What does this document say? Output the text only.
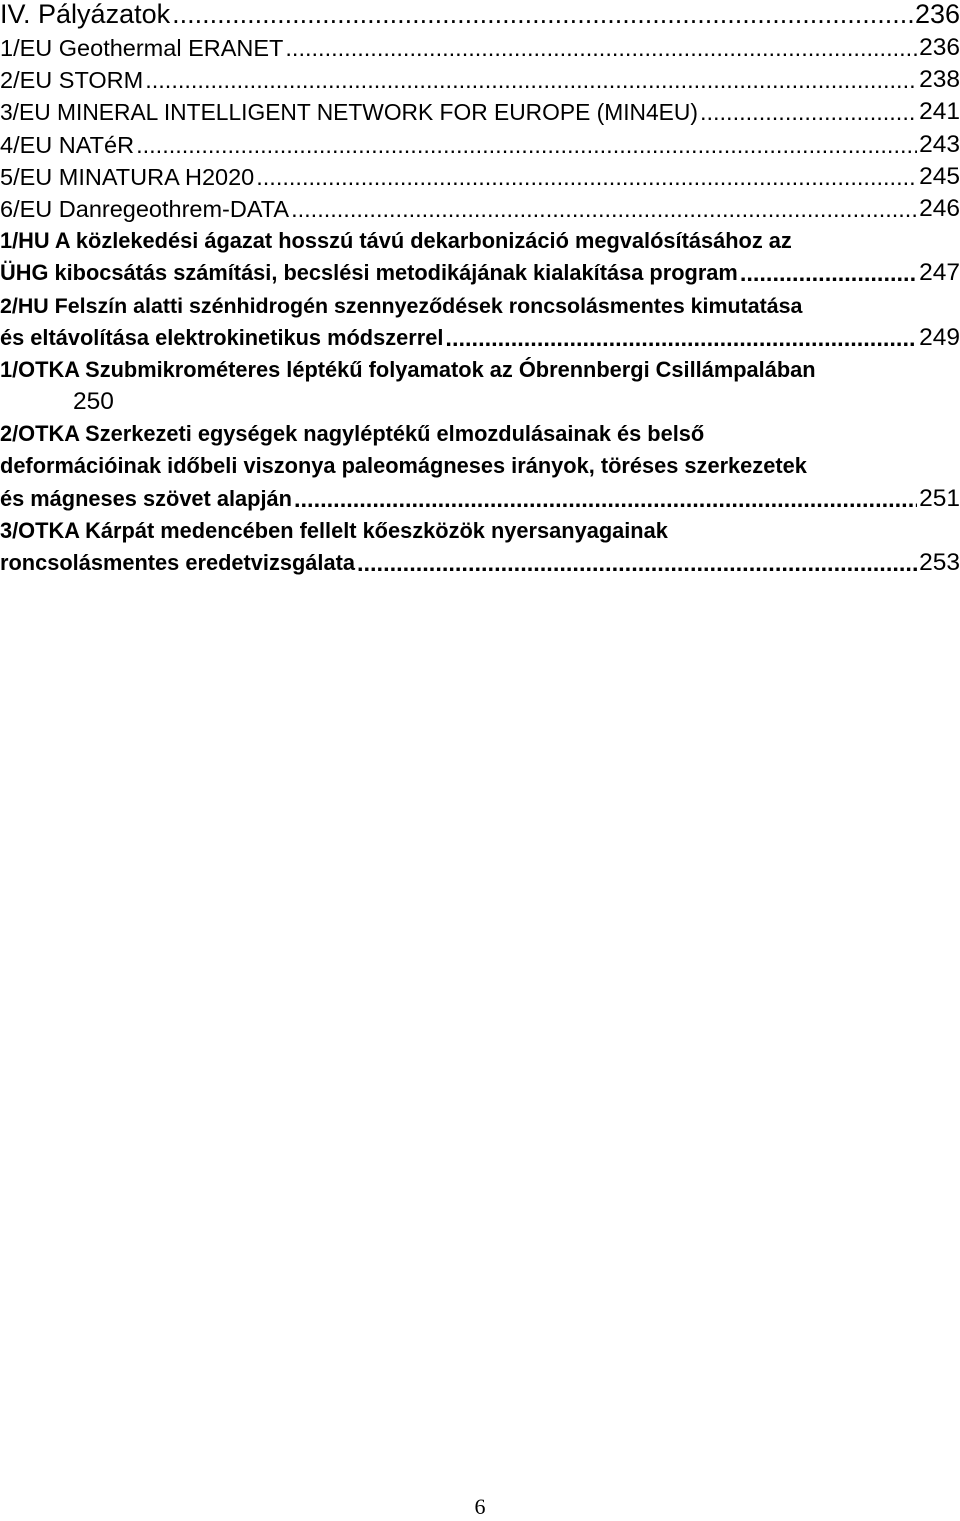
IV. Pályázatok .....	236
1/EU Geothermal ERANET .....	236
2/EU STORM .....	238
3/EU MINERAL INTELLIGENT NETWORK FOR EUROPE (MIN4EU) .....	241
4/EU NATéR .....	243
5/EU MINATURA H2020 .....	245
6/EU Danregeothrem-DATA .....	246
1/HU A közlekedési ágazat hosszú távú dekarbonizáció megvalósításához az
ÜHG kibocsátás számítási, becslési metodikájának kialakítása program .....	247
2/HU Felszín alatti szénhidrogén szennyeződések roncsolásmentes kimutatása
és eltávolítása elektrokinetikus módszerrel .....	249
1/OTKA Szubmikrométeres léptékű folyamatok az Óbrennbergi Csillámpalában
250
2/OTKA Szerkezeti egységek nagyléptékű elmozdulásainak és belső
deformációinak időbeli viszonya paleomágneses irányok, töréses szerkezetek
és mágneses szövet alapján .....	251
3/OTKA Kárpát medencében fellelt kőeszközök nyersanyagainak
roncsolásmentes eredetvizsgálata .....	253
6
